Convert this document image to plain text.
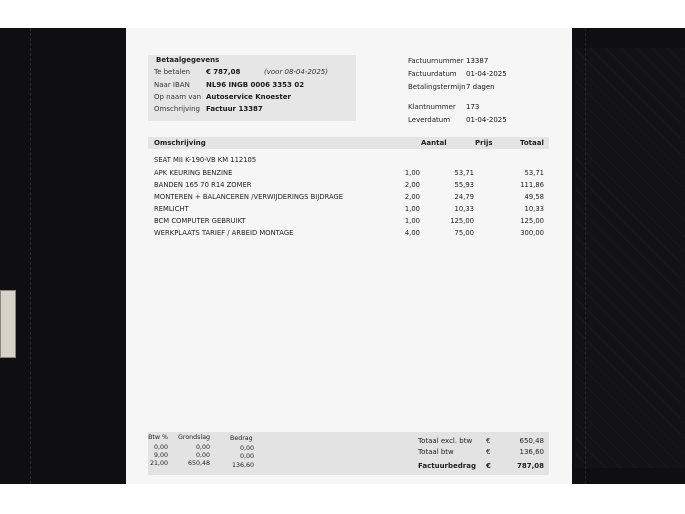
Betaalgegevens
Te betalen € 787,08	(voor 08-04-2025)
Naar IBAN NL96 INGB 0006 3353 02
Op naam van Autoservice Knoester
Omschrijving Factuur 13387
Factuurnummer 13387
Factuurdatum 01-04-2025
Betalingstermijn 7 dagen
Klantnummer 173
Leverdatum 01-04-2025
Omschrijving	Aantal	Prijs	Totaal
SEAT MII K-190-VB KM 112105
APK KEURING BENZINE	1,00	53,71	53,71
BANDEN 165 70 R14 ZOMER	2,00	55,93	111,86
MONTEREN + BALANCEREN /VERWIJDERINGS BIJDRAGE	2,00	24,79	49,58
REMLICHT	1,00	10,33	10,33
BCM COMPUTER GEBRUIKT	1,00	125,00	125,00
WERKPLAATS TARIEF / ARBEID MONTAGE	4,00	75,00	300,00
Btw % Grondslag	Bedrag
0,00	0,00	0,00
9,00	0,00	0,00
21,00	650,48	136,60
Totaal excl. btw €	650,48
Totaal btw	€	136,60
Factuurbedrag €	787,08
